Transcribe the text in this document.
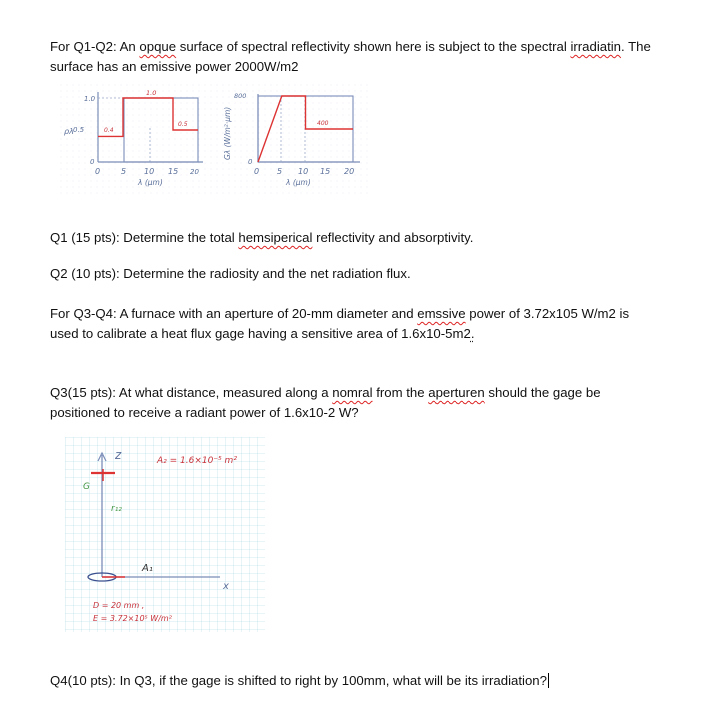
For Q1-Q2: An opque surface of spectral reflectivity shown here is subject to the spectral irradiatin. The
surface has an emissive power 2000W/m2

1.0
0.5
0
ρλ
1.0
0.4
0.5
0	5 10 15 20
λ (μm)
800
0
Gλ (W/m²·μm)	400
0 5 10 15 20
λ (μm)

Q1 (15 pts): Determine the total hemsiperical reflectivity and absorptivity.

Q2 (10 pts): Determine the radiosity and the net radiation flux.

For Q3-Q4: A furnace with an aperture of 20-mm diameter and emssive power of 3.72x105 W/m2 is
used to calibrate a heat flux gage having a sensitive area of 1.6x10-5m2.

Q3(15 pts): At what distance, measured along a nomral from the aperturen should the gage be
positioned to receive a radiant power of 1.6x10-2 W?

z
G
r₁₂
A₂ = 1.6×10⁻⁵ m²
A₁
x
D = 20 mm ,
E = 3.72×10⁵ W/m²

Q4(10 pts): In Q3, if the gage is shifted to right by 100mm, what will be its irradiation?
